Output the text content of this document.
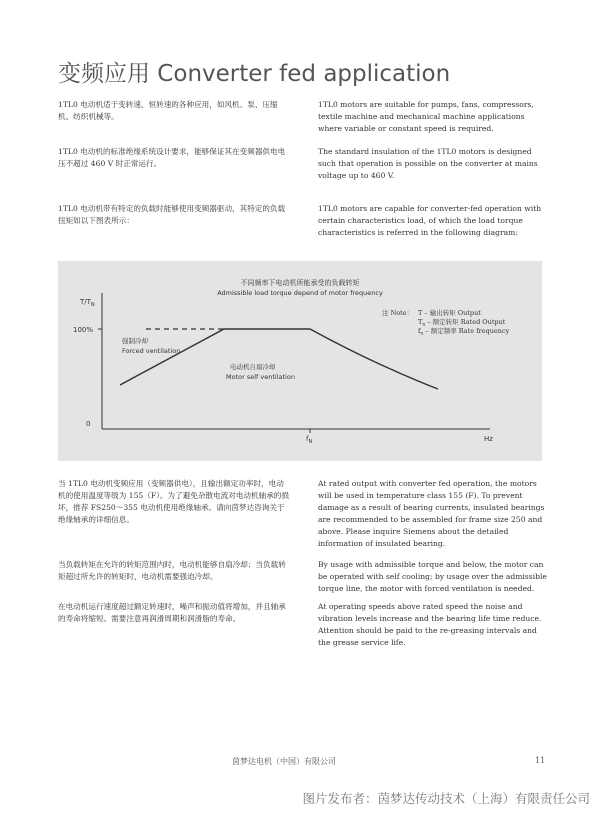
变频应用 Converter fed application
1TL0 电动机适于变转速、恒转速的各种应用，如风机、泵、压缩机、纺织机械等。
1TL0 电动机的标准绝缘系统设计要求，能够保证其在变频器供电电压不超过 460 V 时正常运行。
1TL0 电动机带有特定的负载时能够使用变频器驱动，其特定的负载扭矩如以下图表所示：
1TL0 motors are suitable for pumps, fans, compressors, textile machine and mechanical machine applications where variable or constant speed is required.
The standard insulation of the 1TL0 motors is designed such that operation is possible on the converter at mains voltage up to 460 V.
1TL0 motors are capable for converter-fed operation with certain characteristics load, of which the load torque characteristics is referred in the following diagram:
不同频率下电动机所能承受的负载转矩
Admissible load torque depend of motor frequency
$T/T_N$
100%
0
$f_N$	Hz
强制冷却
Forced ventilation
电动机自扇冷却
Motor self ventilation
注 Note： T – 输出转矩 Output
$T_n$ – 额定转矩 Rated Output
$f_n$ – 额定频率 Rate frequency
当 1TL0 电动机变频应用（变频器供电），且输出额定功率时，电动机的使用温度等级为 155（F）。为了避免杂散电流对电动机轴承的损坏，推荐 FS250～355 电动机使用绝缘轴承。请向茵梦达咨询关于绝缘轴承的详细信息。
当负载转矩在允许的转矩范围内时，电动机能够自扇冷却；当负载转矩超过所允许的转矩时，电动机需要强迫冷却。
在电动机运行速度超过额定转速时，噪声和振动值将增加，并且轴承的寿命将缩短。需要注意再润滑周期和润滑脂的寿命。
At rated output with converter fed operation, the motors will be used in temperature class 155 (F). To prevent damage as a result of bearing currents, insulated bearings are recommended to be assembled for frame size 250 and above. Please inquire Siemens about the detailed information of insulated bearing.
By usage with admissible torque and below, the motor can be operated with self cooling; by usage over the admissible torque line, the motor with forced ventilation is needed.
At operating speeds above rated speed the noise and vibration levels increase and the bearing life time reduce. Attention should be paid to the re-greasing intervals and the grease service life.
茵梦达电机（中国）有限公司	11
图片发布者：茵梦达传动技术（上海）有限责任公司
